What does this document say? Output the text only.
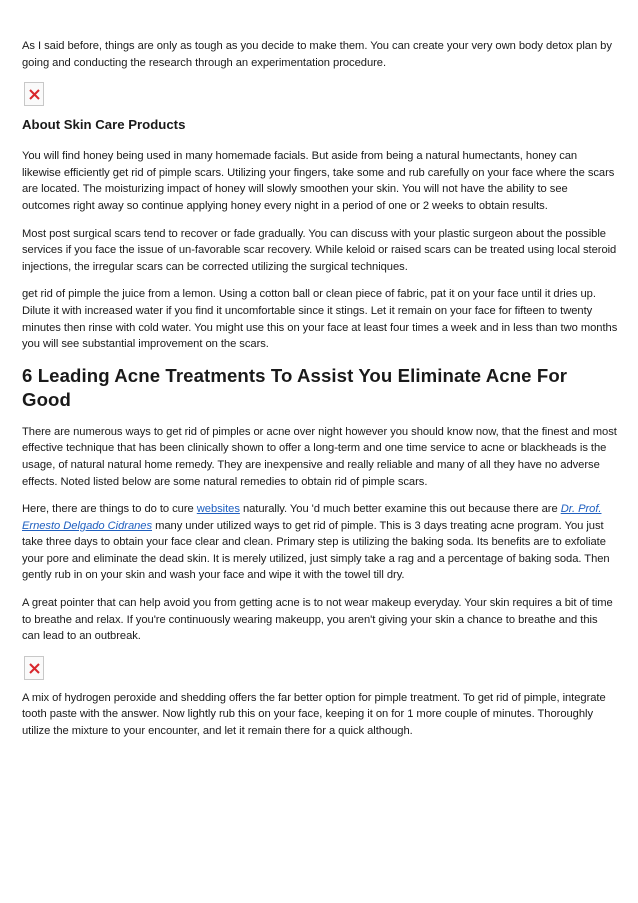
As I said before, things are only as tough as you decide to make them. You can create your very own body detox plan by going and conducting the research through an experimentation procedure.

About Skin Care Products

You will find honey being used in many homemade facials. But aside from being a natural humectants, honey can likewise efficiently get rid of pimple scars. Utilizing your fingers, take some and rub carefully on your face where the scars are located. The moisturizing impact of honey will slowly smoothen your skin. You will not have the ability to see outcomes right away so continue applying honey every night in a period of one or 2 weeks to obtain results.

Most post surgical scars tend to recover or fade gradually. You can discuss with your plastic surgeon about the possible services if you face the issue of un-favorable scar recovery. While keloid or raised scars can be treated using local steroid injections, the irregular scars can be corrected utilizing the surgical techniques.

get rid of pimple the juice from a lemon. Using a cotton ball or clean piece of fabric, pat it on your face until it dries up. Dilute it with increased water if you find it uncomfortable since it stings. Let it remain on your face for fifteen to twenty minutes then rinse with cold water. You might use this on your face at least four times a week and in less than two months you will see substantial improvement on the scars.

6 Leading Acne Treatments To Assist You Eliminate Acne For Good

There are numerous ways to get rid of pimples or acne over night however you should know now, that the finest and most effective technique that has been clinically shown to offer a long-term and one time service to acne or blackheads is the usage, of natural natural home remedy. They are inexpensive and really reliable and many of all they have no adverse effects. Noted listed below are some natural remedies to obtain rid of pimple scars.

Here, there are things to do to cure websites naturally. You 'd much better examine this out because there are Dr. Prof. Ernesto Delgado Cidranes many under utilized ways to get rid of pimple. This is 3 days treating acne program. You just take three days to obtain your face clear and clean. Primary step is utilizing the baking soda. Its benefits are to exfoliate your pore and eliminate the dead skin. It is merely utilized, just simply take a rag and a percentage of baking soda. Then gently rub in on your skin and wash your face and wipe it with the towel till dry.

A great pointer that can help avoid you from getting acne is to not wear makeup everyday. Your skin requires a bit of time to breathe and relax. If you're continuously wearing makeupp, you aren't giving your skin a chance to breathe and this can lead to an outbreak.

A mix of hydrogen peroxide and shedding offers the far better option for pimple treatment. To get rid of pimple, integrate tooth paste with the answer. Now lightly rub this on your face, keeping it on for 1 more couple of minutes. Thoroughly utilize the mixture to your encounter, and let it remain there for a quick although.
